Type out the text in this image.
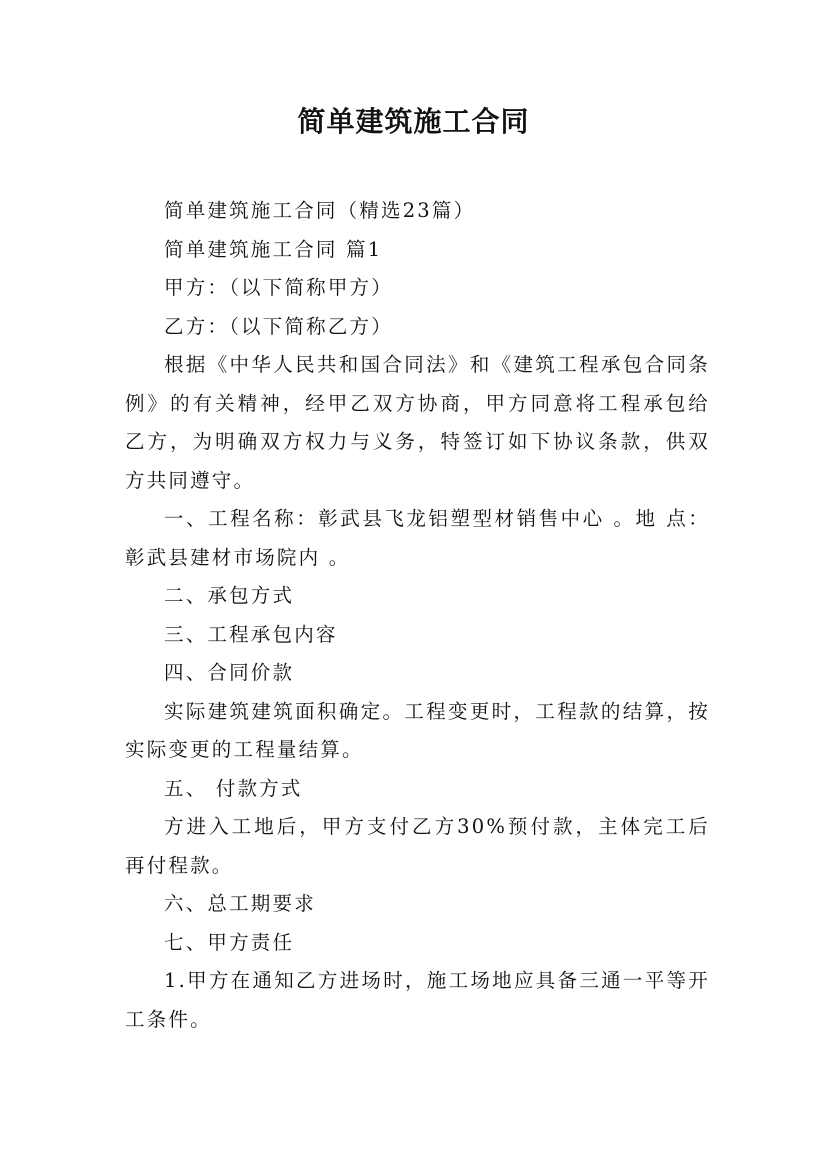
简单建筑施工合同

简单建筑施工合同（精选23篇）

简单建筑施工合同 篇1

甲方：（以下简称甲方）

乙方：（以下简称乙方）

根据《中华人民共和国合同法》和《建筑工程承包合同条例》的有关精神，经甲乙双方协商，甲方同意将工程承包给乙方，为明确双方权力与义务，特签订如下协议条款，供双方共同遵守。

一、工程名称：彰武县飞龙铝塑型材销售中心 。地 点：彰武县建材市场院内 。

二、承包方式

三、工程承包内容

四、合同价款

实际建筑建筑面积确定。工程变更时，工程款的结算，按实际变更的工程量结算。

五、 付款方式

方进入工地后，甲方支付乙方30%预付款，主体完工后再付程款。

六、总工期要求

七、甲方责任

1.甲方在通知乙方进场时，施工场地应具备三通一平等开工条件。
